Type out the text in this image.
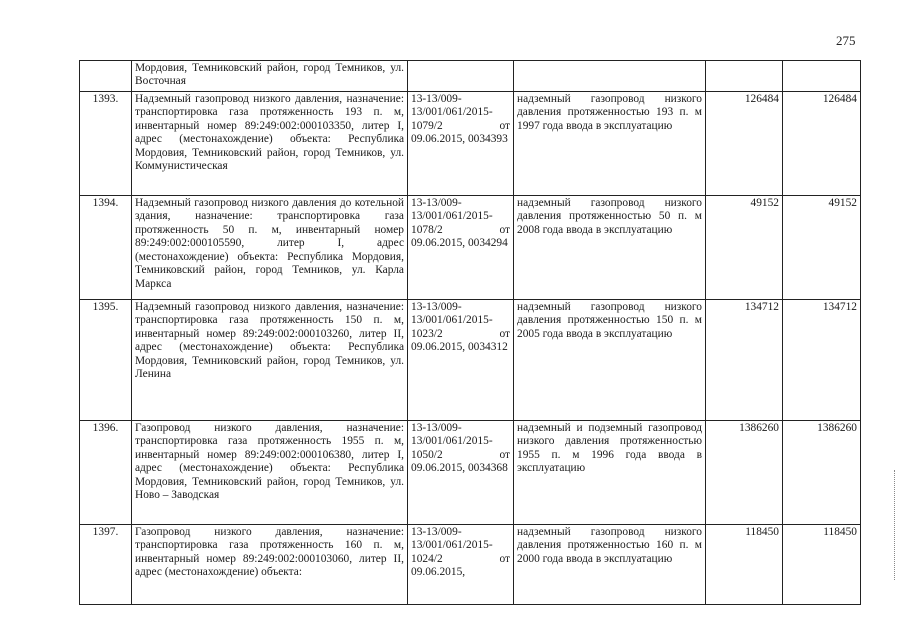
275
	Мордовия, Темниковский район, город Темников, ул. Восточная				
1393.	Надземный газопровод низкого давления, назначение: транспортировка газа протяженность 193 п. м, инвентарный номер 89:249:002:000103350, литер I, адрес (местонахождение) объекта: Республика Мордовия, Темниковский район, город Темников, ул. Коммунистическая	13-13/009-13/001/061/2015-1079/2 от 09.06.2015, 0034393	надземный газопровод низкого давления протяженностью 193 п. м 1997 года ввода в эксплуатацию	126484	126484
1394.	Надземный газопровод низкого давления до котельной здания, назначение: транспортировка газа протяженность 50 п. м, инвентарный номер 89:249:002:000105590, литер I, адрес (местонахождение) объекта: Республика Мордовия, Темниковский район, город Темников, ул. Карла Маркса	13-13/009-13/001/061/2015-1078/2 от 09.06.2015, 0034294	надземный газопровод низкого давления протяженностью 50 п. м 2008 года ввода в эксплуатацию	49152	49152
1395.	Надземный газопровод низкого давления, назначение: транспортировка газа протяженность 150 п. м, инвентарный номер 89:249:002:000103260, литер II, адрес (местонахождение) объекта: Республика Мордовия, Темниковский район, город Темников, ул. Ленина	13-13/009-13/001/061/2015-1023/2 от 09.06.2015, 0034312	надземный газопровод низкого давления протяженностью 150 п. м 2005 года ввода в эксплуатацию	134712	134712
1396.	Газопровод низкого давления, назначение: транспортировка газа протяженность 1955 п. м, инвентарный номер 89:249:002:000106380, литер I, адрес (местонахождение) объекта: Республика Мордовия, Темниковский район, город Темников, ул. Ново – Заводская	13-13/009-13/001/061/2015-1050/2 от 09.06.2015, 0034368	надземный и подземный газопровод низкого давления протяженностью 1955 п. м 1996 года ввода в эксплуатацию	1386260	1386260
1397.	Газопровод низкого давления, назначение: транспортировка газа протяженность 160 п. м, инвентарный номер 89:249:002:000103060, литер II, адрес (местонахождение) объекта:	13-13/009-13/001/061/2015-1024/2 от 09.06.2015,	надземный газопровод низкого давления протяженностью 160 п. м 2000 года ввода в эксплуатацию	118450	118450
